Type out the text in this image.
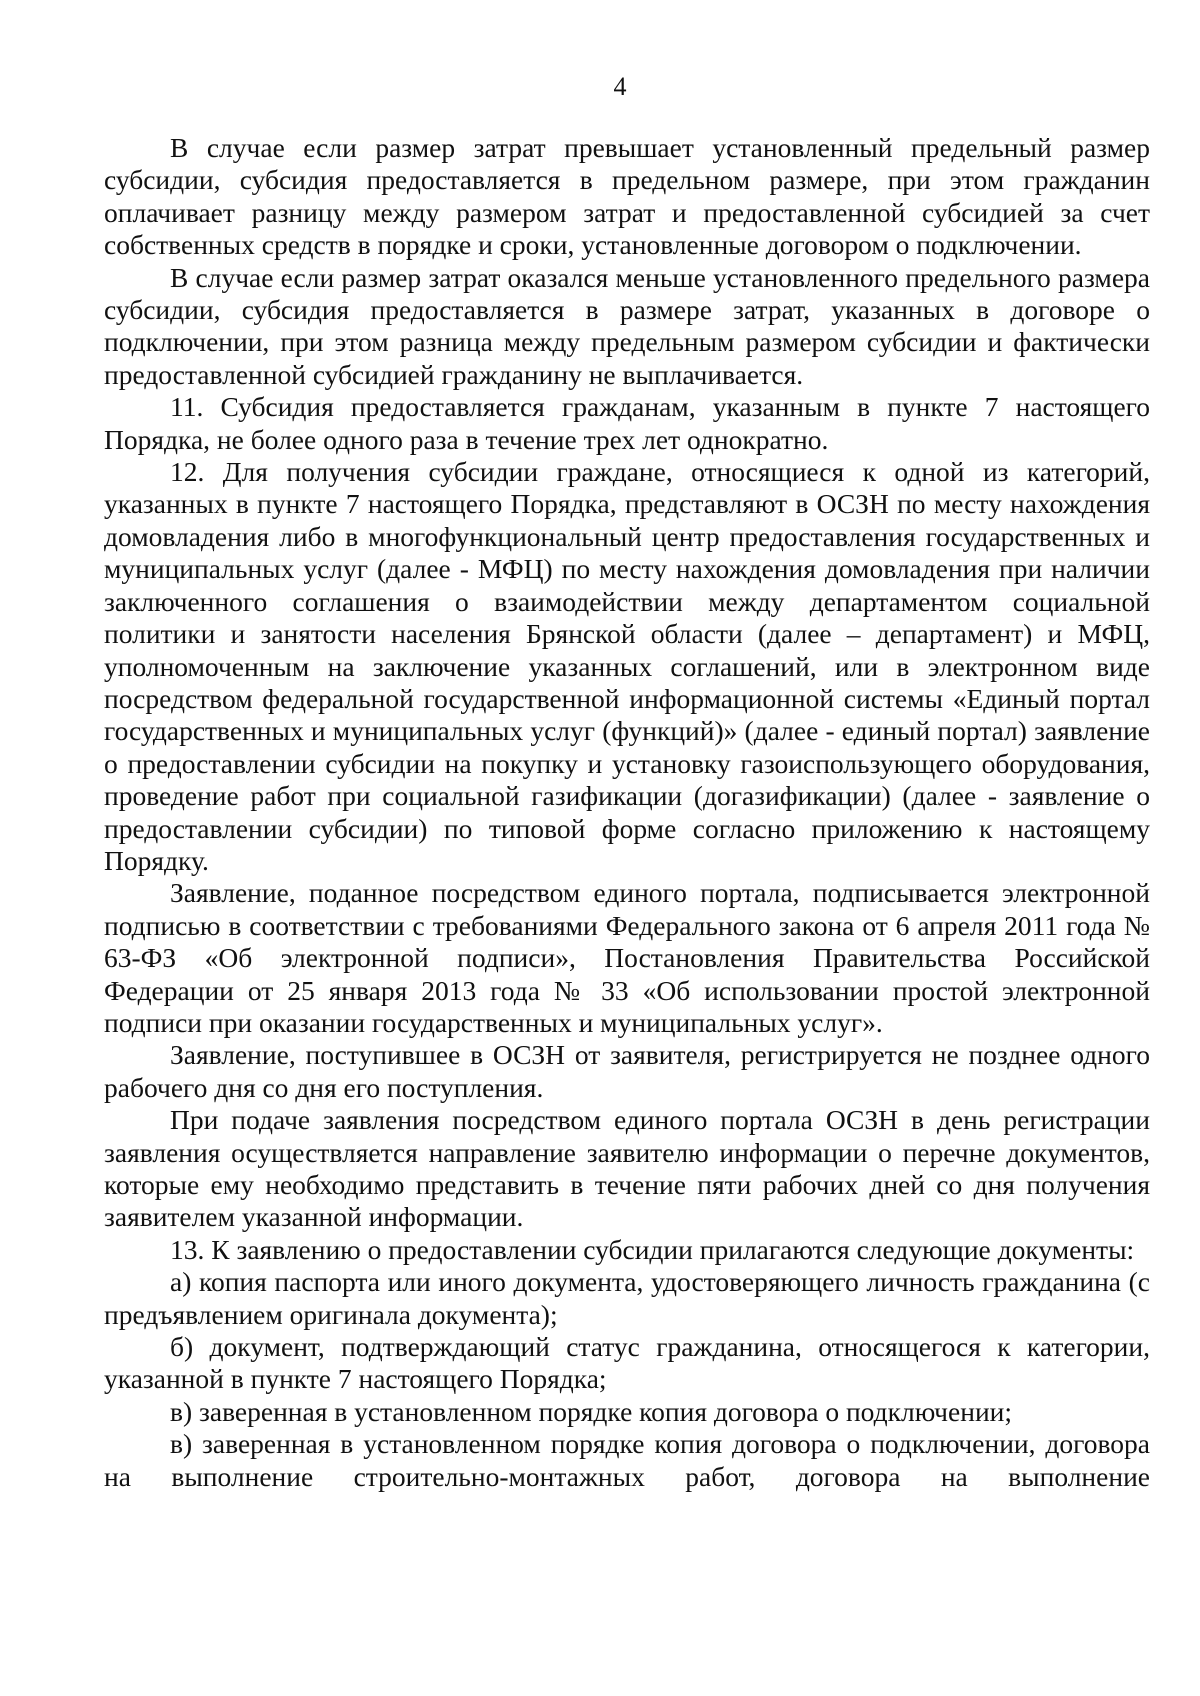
4

В случае если размер затрат превышает установленный предельный размер субсидии, субсидия предоставляется в предельном размере, при этом гражданин оплачивает разницу между размером затрат и предоставленной субсидией за счет собственных средств в порядке и сроки, установленные договором о подключении.

В случае если размер затрат оказался меньше установленного предельного размера субсидии, субсидия предоставляется в размере затрат, указанных в договоре о подключении, при этом разница между предельным размером субсидии и фактически предоставленной субсидией гражданину не выплачивается.

11. Субсидия предоставляется гражданам, указанным в пункте 7 настоящего Порядка, не более одного раза в течение трех лет однократно.

12. Для получения субсидии граждане, относящиеся к одной из категорий, указанных в пункте 7 настоящего Порядка, представляют в ОСЗН по месту нахождения домовладения либо в многофункциональный центр предоставления государственных и муниципальных услуг (далее - МФЦ) по месту нахождения домовладения при наличии заключенного соглашения о взаимодействии между департаментом социальной политики и занятости населения Брянской области (далее – департамент) и МФЦ, уполномоченным на заключение указанных соглашений, или в электронном виде посредством федеральной государственной информационной системы «Единый портал государственных и муниципальных услуг (функций)» (далее - единый портал) заявление о предоставлении субсидии на покупку и установку газоиспользующего оборудования, проведение работ при социальной газификации (догазификации) (далее - заявление о предоставлении субсидии) по типовой форме согласно приложению к настоящему Порядку.

Заявление, поданное посредством единого портала, подписывается электронной подписью в соответствии с требованиями Федерального закона от 6 апреля 2011 года № 63-ФЗ «Об электронной подписи», Постановления Правительства Российской Федерации от 25 января 2013 года № 33 «Об использовании простой электронной подписи при оказании государственных и муниципальных услуг».

Заявление, поступившее в ОСЗН от заявителя, регистрируется не позднее одного рабочего дня со дня его поступления.

При подаче заявления посредством единого портала ОСЗН в день регистрации заявления осуществляется направление заявителю информации о перечне документов, которые ему необходимо представить в течение пяти рабочих дней со дня получения заявителем указанной информации.

13. К заявлению о предоставлении субсидии прилагаются следующие документы:

а) копия паспорта или иного документа, удостоверяющего личность гражданина (с предъявлением оригинала документа);

б) документ, подтверждающий статус гражданина, относящегося к категории, указанной в пункте 7 настоящего Порядка;

в) заверенная в установленном порядке копия договора о подключении;

в) заверенная в установленном порядке копия договора о подключении, договора на выполнение строительно-монтажных работ, договора на выполнение
